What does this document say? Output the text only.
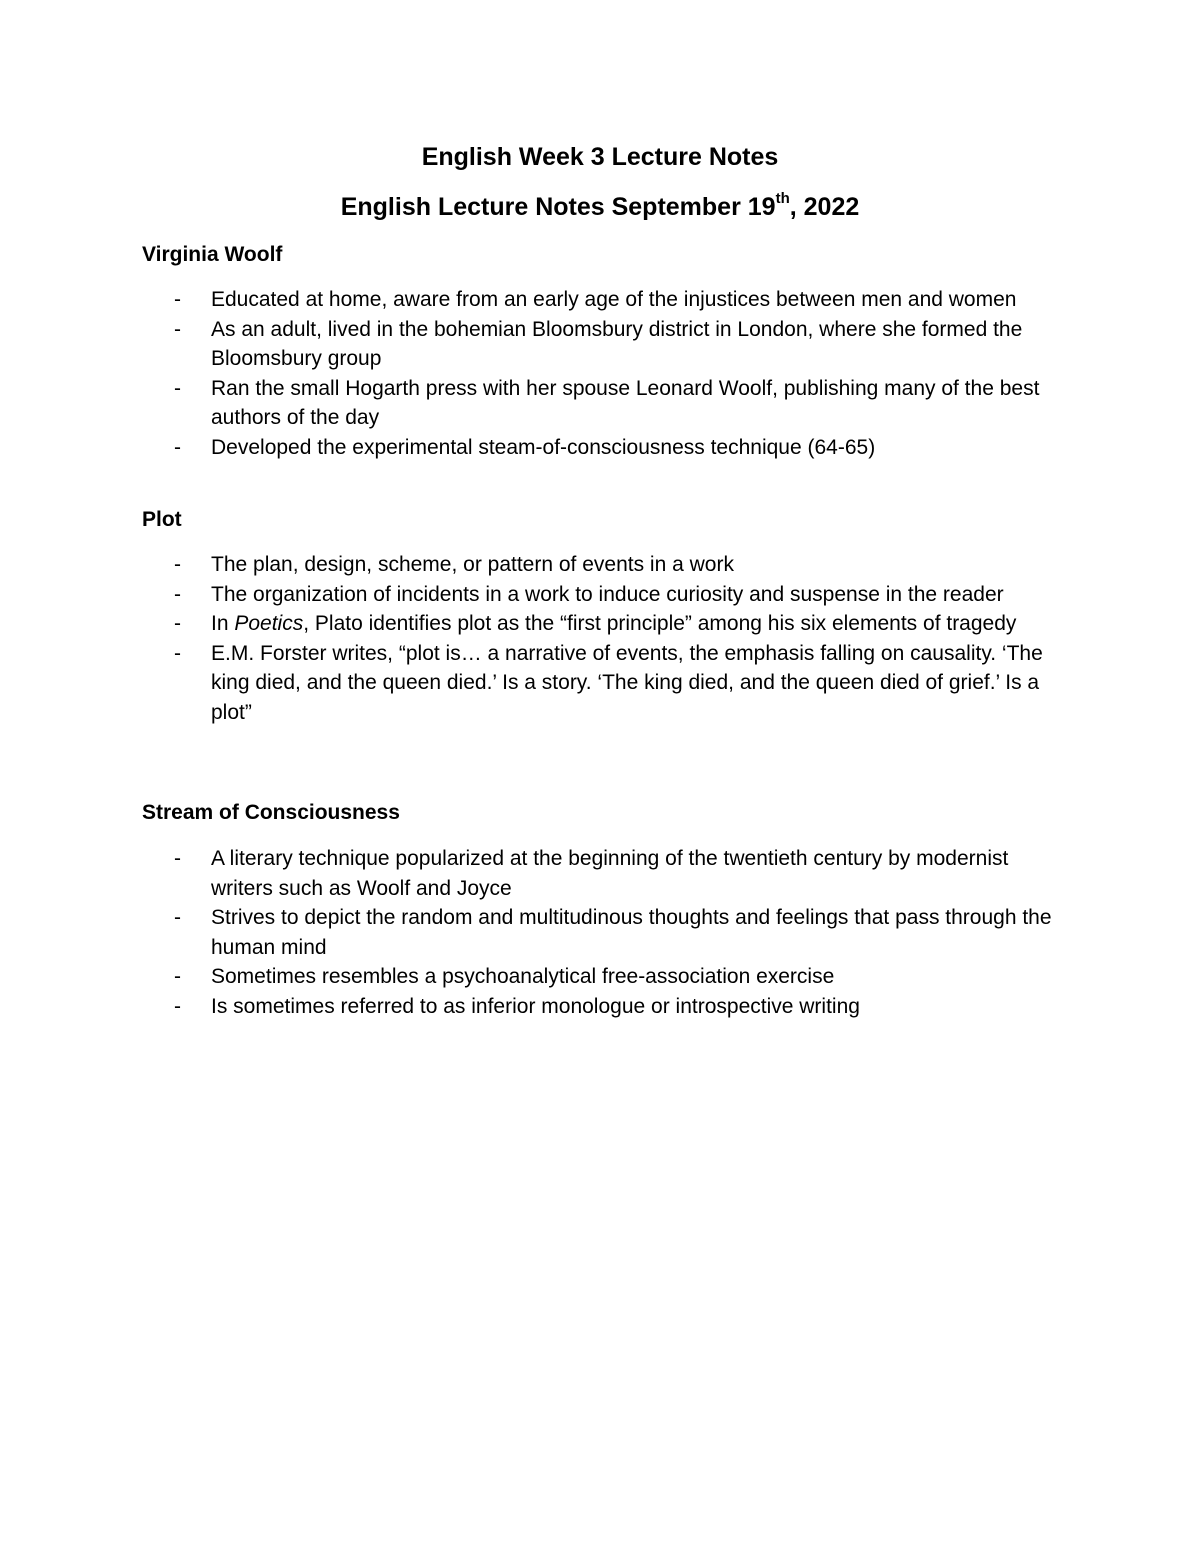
English Week 3 Lecture Notes
English Lecture Notes September 19th, 2022
Virginia Woolf
- Educated at home, aware from an early age of the injustices between men and women
- As an adult, lived in the bohemian Bloomsbury district in London, where she formed the Bloomsbury group
- Ran the small Hogarth press with her spouse Leonard Woolf, publishing many of the best authors of the day
- Developed the experimental steam-of-consciousness technique (64-65)
Plot
- The plan, design, scheme, or pattern of events in a work
- The organization of incidents in a work to induce curiosity and suspense in the reader
- In Poetics, Plato identifies plot as the “first principle” among his six elements of tragedy
- E.M. Forster writes, “plot is… a narrative of events, the emphasis falling on causality. ‘The king died, and the queen died.’ Is a story. ‘The king died, and the queen died of grief.’ Is a plot”
Stream of Consciousness
- A literary technique popularized at the beginning of the twentieth century by modernist writers such as Woolf and Joyce
- Strives to depict the random and multitudinous thoughts and feelings that pass through the human mind
- Sometimes resembles a psychoanalytical free-association exercise
- Is sometimes referred to as inferior monologue or introspective writing
